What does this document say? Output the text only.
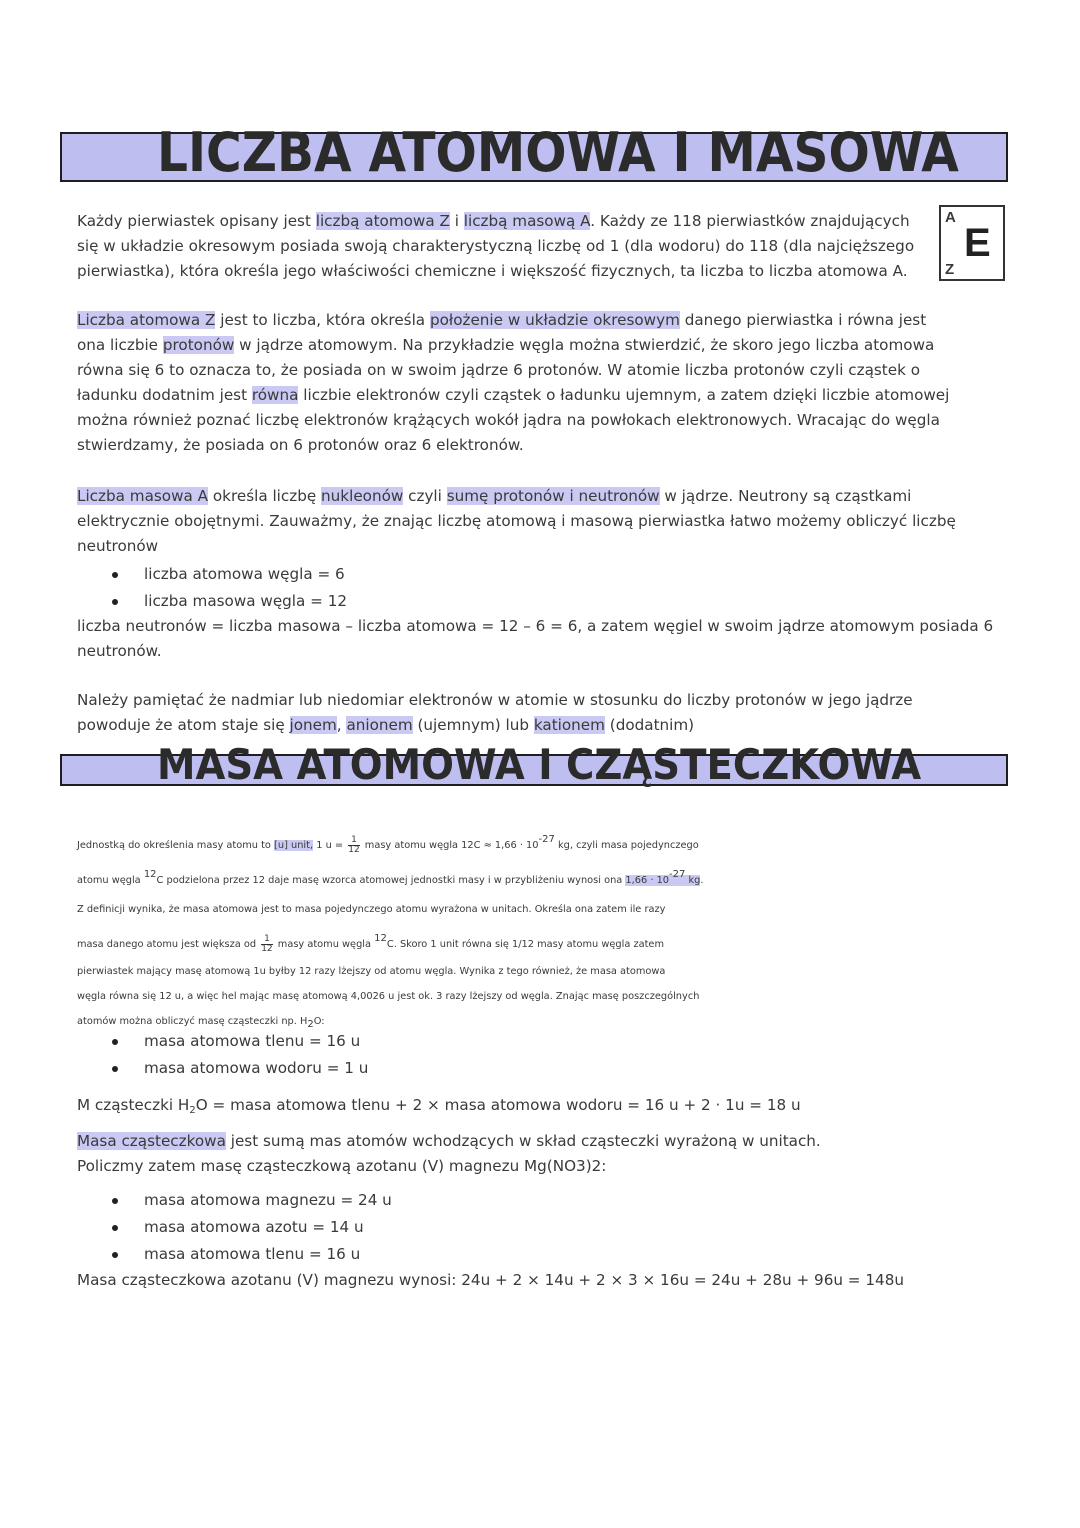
LICZBA ATOMOWA I MASOWA
Każdy pierwiastek opisany jest liczbą atomowa Z i liczbą masową A. Każdy ze 118 pierwiastków znajdujących
się w układzie okresowym posiada swoją charakterystyczną liczbę od 1 (dla wodoru) do 118 (dla najcięższego
pierwiastka), która określa jego właściwości chemiczne i większość fizycznych, ta liczba to liczba atomowa A.
A
E
Z
Liczba atomowa Z jest to liczba, która określa położenie w układzie okresowym danego pierwiastka i równa jest
ona liczbie protonów w jądrze atomowym. Na przykładzie węgla można stwierdzić, że skoro jego liczba atomowa
równa się 6 to oznacza to, że posiada on w swoim jądrze 6 protonów. W atomie liczba protonów czyli cząstek o
ładunku dodatnim jest równa liczbie elektronów czyli cząstek o ładunku ujemnym, a zatem dzięki liczbie atomowej
można również poznać liczbę elektronów krążących wokół jądra na powłokach elektronowych. Wracając do węgla
stwierdzamy, że posiada on 6 protonów oraz 6 elektronów.
Liczba masowa A określa liczbę nukleonów czyli sumę protonów i neutronów w jądrze. Neutrony są cząstkami
elektrycznie obojętnymi. Zauważmy, że znając liczbę atomową i masową pierwiastka łatwo możemy obliczyć liczbę
neutronów
liczba atomowa węgla = 6
liczba masowa węgla = 12
liczba neutronów = liczba masowa – liczba atomowa = 12 – 6 = 6, a zatem węgiel w swoim jądrze atomowym posiada 6
neutronów.
Należy pamiętać że nadmiar lub niedomiar elektronów w atomie w stosunku do liczby protonów w jego jądrze
powoduje że atom staje się jonem, anionem (ujemnym) lub kationem (dodatnim)
MASA ATOMOWA I CZĄSTECZKOWA
Jednostką do określenia masy atomu to [u] unit, 1 $u = \frac{1}{12}$ masy atomu węgla 12C ≈ 1,66 · 10-27 kg, czyli masa pojedynczego
atomu węgla 12C podzielona przez 12 daje masę wzorca atomowej jednostki masy i w przybliżeniu wynosi ona 1,66 · 10-27 kg.
Z definicji wynika, że masa atomowa jest to masa pojedynczego atomu wyrażona w unitach. Określa ona zatem ile razy
masa danego atomu jest większa od $\frac{1}{12}$ masy atomu węgla 12C. Skoro 1 unit równa się 1/12 masy atomu węgla zatem
pierwiastek mający masę atomową 1u byłby 12 razy lżejszy od atomu węgla. Wynika z tego również, że masa atomowa
węgla równa się 12 u, a więc hel mając masę atomową 4,0026 u jest ok. 3 razy lżejszy od węgla. Znając masę poszczególnych
atomów można obliczyć masę cząsteczki np. H2O:
masa atomowa tlenu = 16 u
masa atomowa wodoru = 1 u
M cząsteczki $H_2O$ = masa atomowa tlenu + 2 × masa atomowa wodoru = 16 u + 2 · 1u = 18 u
Masa cząsteczkowa jest sumą mas atomów wchodzących w skład cząsteczki wyrażoną w unitach.
Policzmy zatem masę cząsteczkową azotanu (V) magnezu Mg(NO3)2:
masa atomowa magnezu = 24 u
masa atomowa azotu = 14 u
masa atomowa tlenu = 16 u
Masa cząsteczkowa azotanu (V) magnezu wynosi: 24u + 2 × 14u + 2 × 3 × 16u = 24u + 28u + 96u = 148u
